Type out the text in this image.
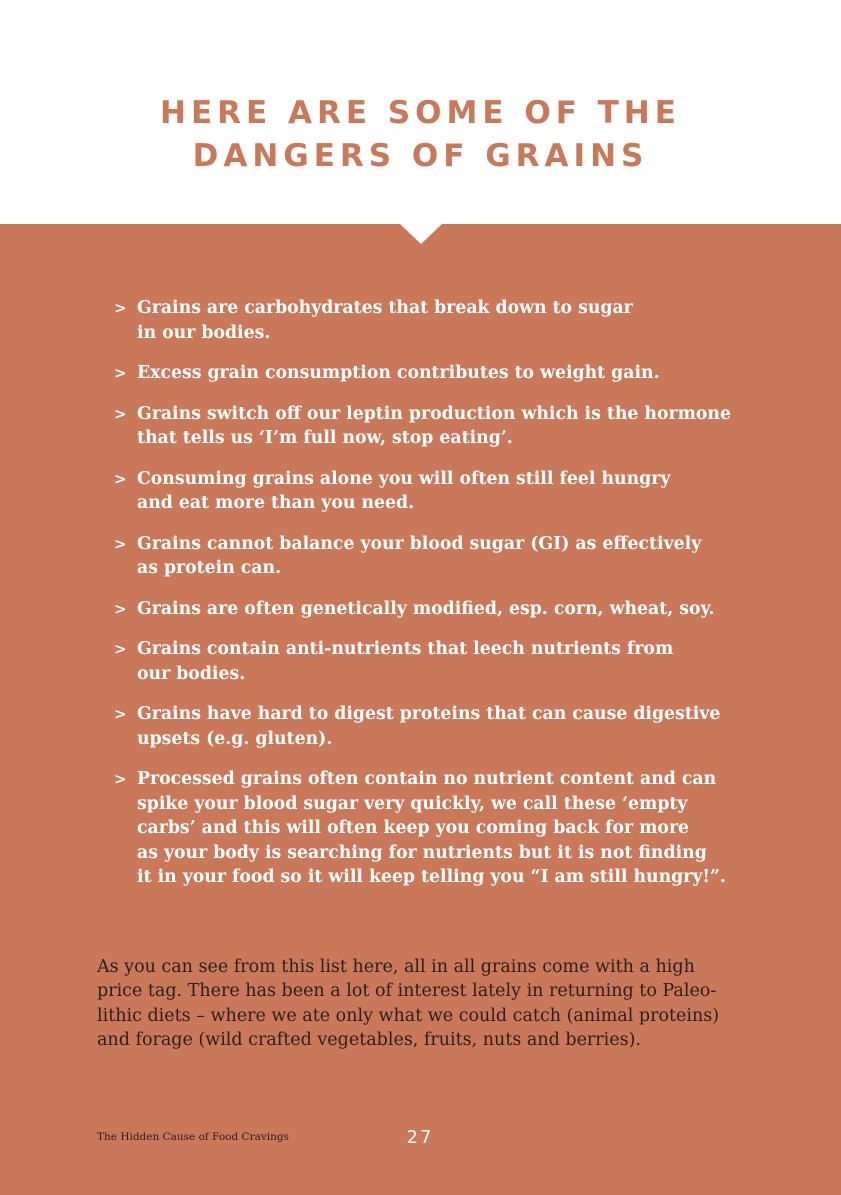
HERE ARE SOME OF THE
DANGERS OF GRAINS
> Grains are carbohydrates that break down to sugar
in our bodies.
> Excess grain consumption contributes to weight gain.
> Grains switch off our leptin production which is the hormone
that tells us ‘I’m full now, stop eating’.
> Consuming grains alone you will often still feel hungry
and eat more than you need.
> Grains cannot balance your blood sugar (GI) as effectively
as protein can.
> Grains are often genetically modified, esp. corn, wheat, soy.
> Grains contain anti-nutrients that leech nutrients from
our bodies.
> Grains have hard to digest proteins that can cause digestive
upsets (e.g. gluten).
> Processed grains often contain no nutrient content and can
spike your blood sugar very quickly, we call these ‘empty
carbs’ and this will often keep you coming back for more
as your body is searching for nutrients but it is not finding
it in your food so it will keep telling you “I am still hungry!”.

As you can see from this list here, all in all grains come with a high
price tag. There has been a lot of interest lately in returning to Paleo-
lithic diets – where we ate only what we could catch (animal proteins)
and forage (wild crafted vegetables, fruits, nuts and berries).

The Hidden Cause of Food Cravings	27
